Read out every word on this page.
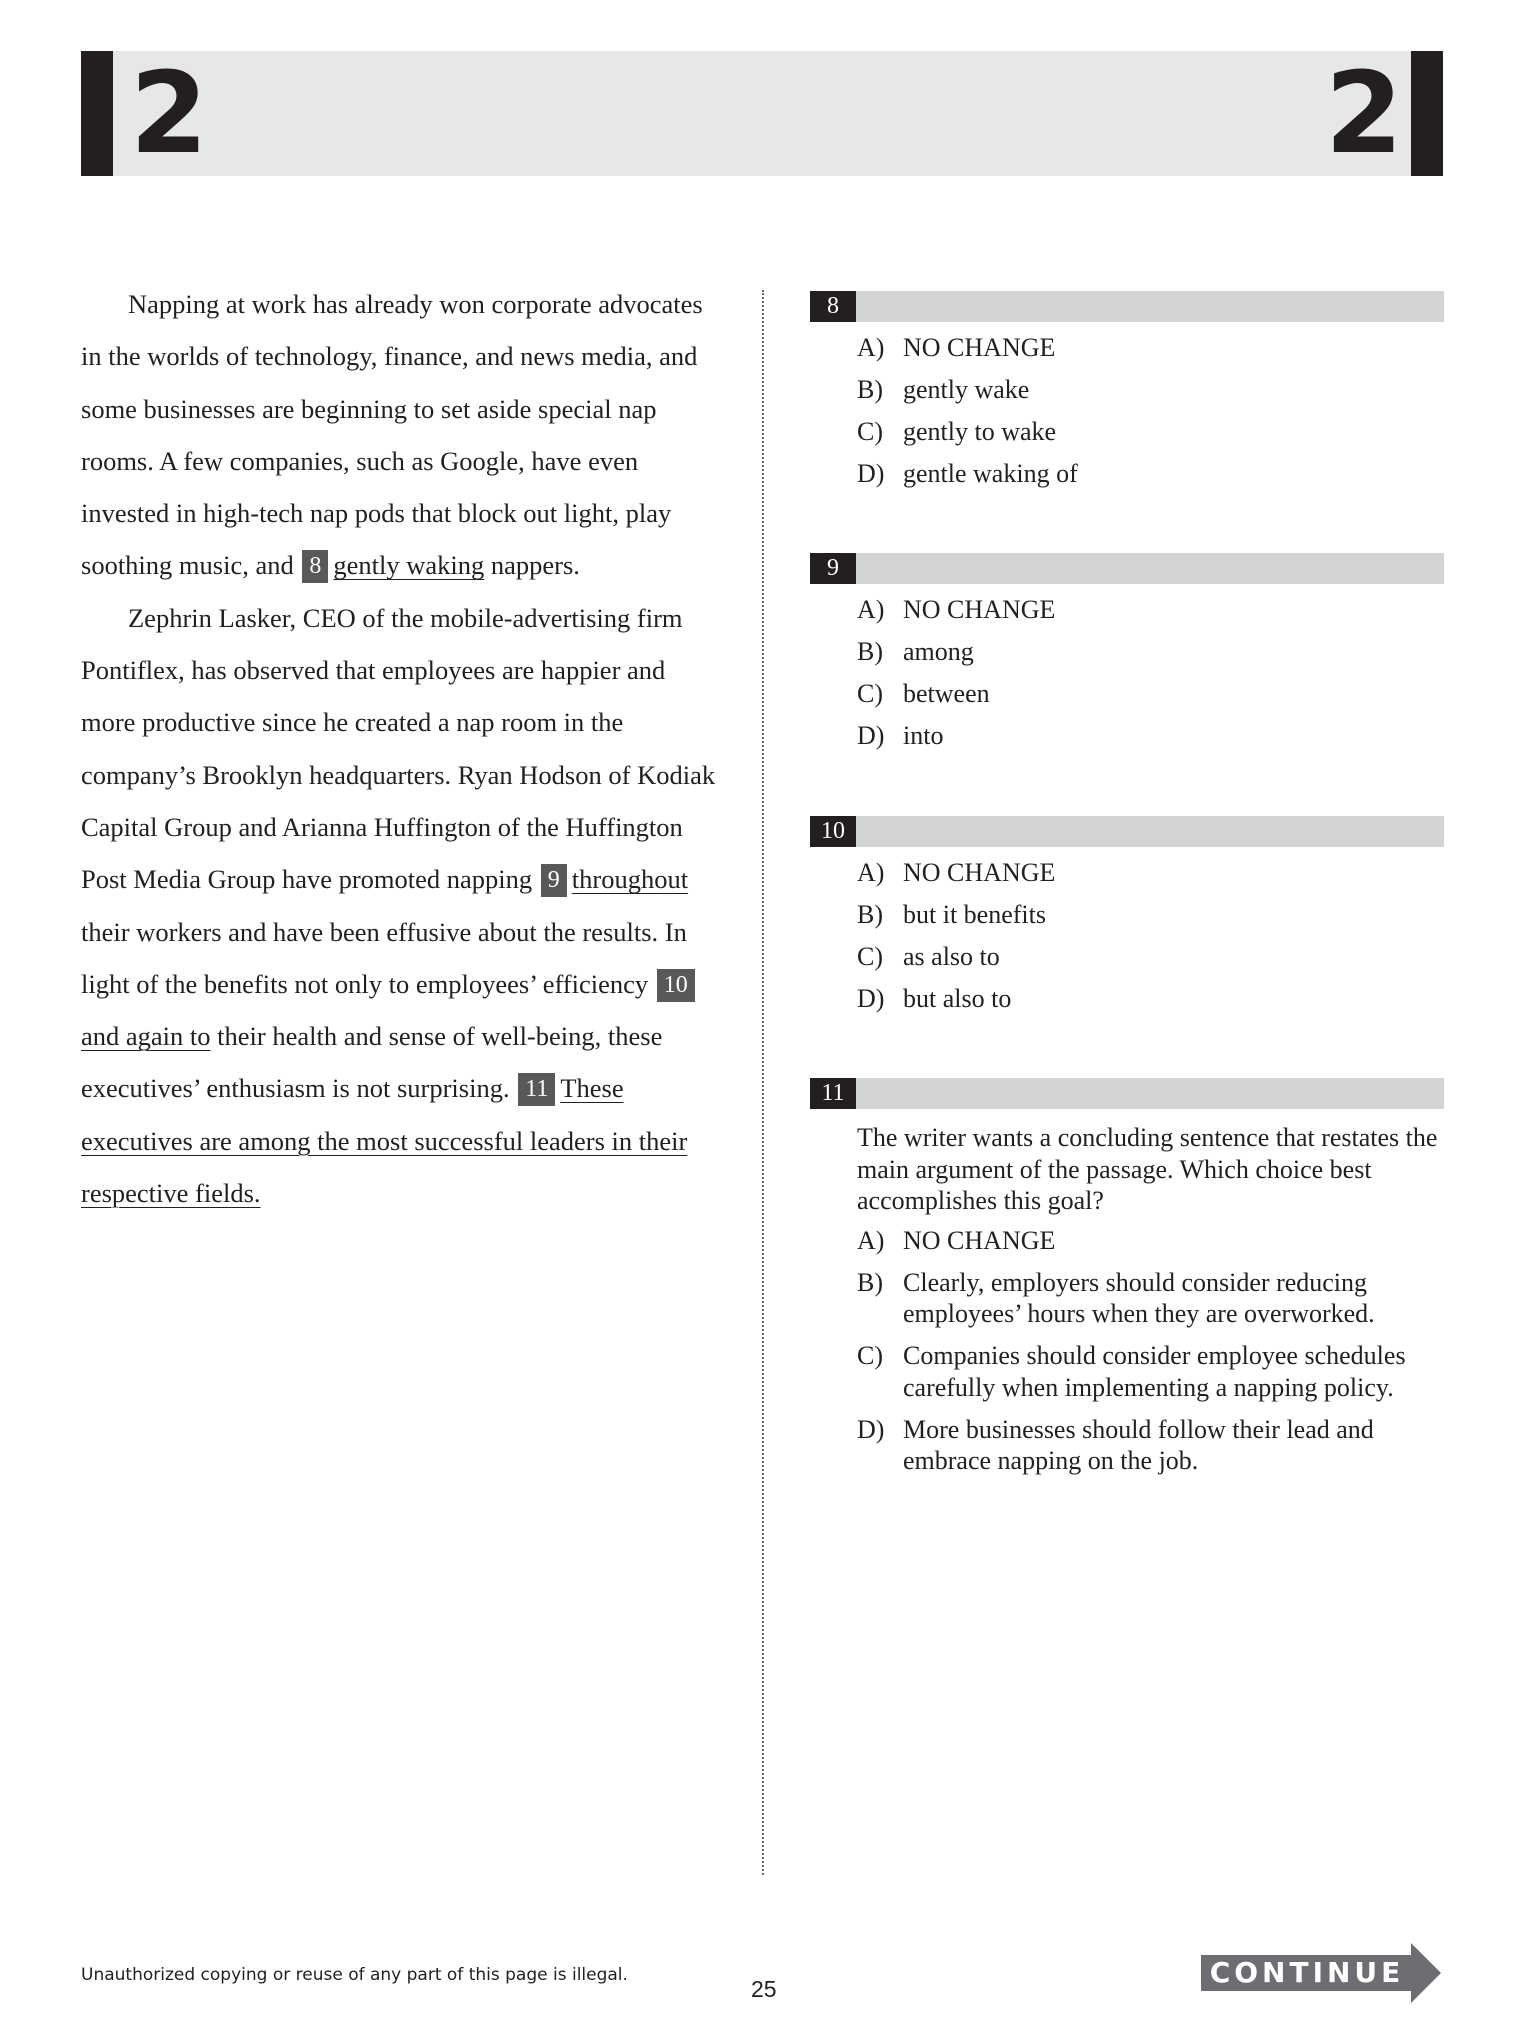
2	2

Napping at work has already won corporate advocates in the worlds of technology, finance, and news media, and some businesses are beginning to set aside special nap rooms. A few companies, such as Google, have even invested in high-tech nap pods that block out light, play soothing music, and 8 gently waking nappers.

Zephrin Lasker, CEO of the mobile-advertising firm Pontiflex, has observed that employees are happier and more productive since he created a nap room in the company’s Brooklyn headquarters. Ryan Hodson of Kodiak Capital Group and Arianna Huffington of the Huffington Post Media Group have promoted napping 9 throughout their workers and have been effusive about the results. In light of the benefits not only to employees’ efficiency 10and again to their health and sense of well-being, these executives’ enthusiasm is not surprising. 11 These executives are among the most successful leaders in their respective fields.

8
A) NO CHANGE
B) gently wake
C) gently to wake
D) gentle waking of
9
A) NO CHANGE
B) among
C) between
D) into
10
A) NO CHANGE
B) but it benefits
C) as also to
D) but also to
11
The writer wants a concluding sentence that restates the main argument of the passage. Which choice best accomplishes this goal?
A) NO CHANGE
B) Clearly, employers should consider reducing employees’ hours when they are overworked.
C) Companies should consider employee schedules carefully when implementing a napping policy.
D) More businesses should follow their lead and embrace napping on the job.
Unauthorized copying or reuse of any part of this page is illegal.
25	CONTINUE
